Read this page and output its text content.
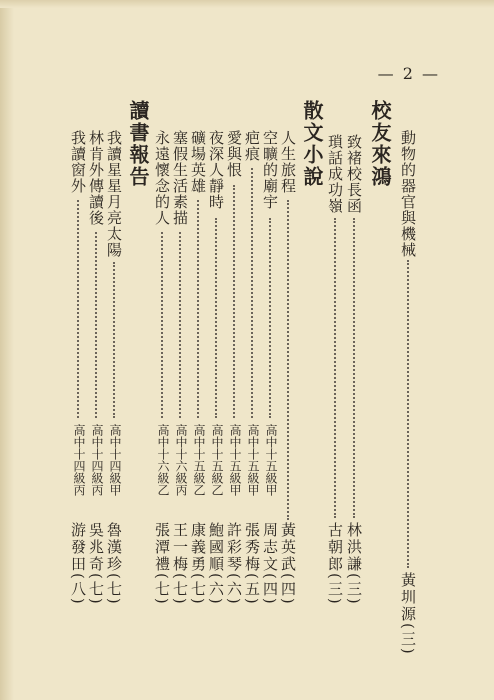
— 2 —
動物的器官與機械
黃圳源(三)
校友來鴻
致褚校長函
林洪謙(三)
瑣話成功嶺
古朝郎(三)
散文小說
人生旅程
黃英武(四)
空曠的廟宇
高中十五級甲
周志文(四)
疤痕
高中十五級甲
張秀梅(五)
愛與恨
高中十五級甲
許彩琴(六)
夜深人靜時
高中十五級乙
鮑國順(六)
礦場英雄
高中十五級乙
康義勇(七)
塞假生活素描
高中十六級丙
王一梅(七)
永遠懷念的人
高中十六級乙
張潭禮(七)
讀書報告
我讀星星月亮太陽
高中十四級甲
魯漢珍(七)
林肯外傳讀後
高中十四級丙
吳兆奇(七)
我讀窗外
高中十四級丙
游發田(八)
